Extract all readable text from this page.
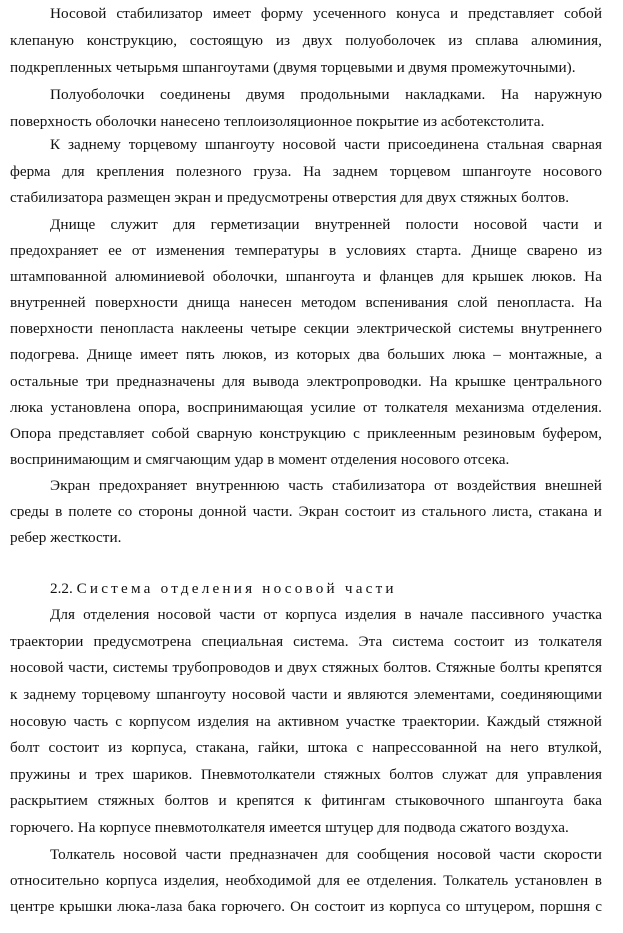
Носовой стабилизатор имеет форму усеченного конуса и представляет собой
клепаную конструкцию, состоящую из двух полуоболочек из сплава алюминия,
подкрепленных четырьмя шпангоутами (двумя торцевыми и двумя промежуточными).
Полуоболочки соединены двумя продольными накладками. На наружную
поверхность оболочки нанесено теплоизоляционное покрытие из асботекстолита.
К заднему торцевому шпангоуту носовой части присоединена стальная сварная
ферма для крепления полезного груза. На заднем торцевом шпангоуте носового
стабилизатора размещен экран и предусмотрены отверстия для двух стяжных болтов.
Днище служит для герметизации внутренней полости носовой части и
предохраняет ее от изменения температуры в условиях старта. Днище сварено из
штампованной алюминиевой оболочки, шпангоута и фланцев для крышек люков. На
внутренней поверхности днища нанесен методом вспенивания слой пенопласта. На
поверхности пенопласта наклеены четыре секции электрической системы внутреннего
подогрева. Днище имеет пять люков, из которых два больших люка – монтажные, а
остальные три предназначены для вывода электропроводки. На крышке центрального
люка установлена опора, воспринимающая усилие от толкателя механизма отделения.
Опора представляет собой сварную конструкцию с приклеенным резиновым буфером,
воспринимающим и смягчающим удар в момент отделения носового отсека.
Экран предохраняет внутреннюю часть стабилизатора от воздействия внешней
среды в полете со стороны донной части. Экран состоит из стального листа, стакана и
ребер жесткости.
2.2. Система отделения носовой части
Для отделения носовой части от корпуса изделия в начале пассивного участка
траектории предусмотрена специальная система. Эта система состоит из толкателя
носовой части, системы трубопроводов и двух стяжных болтов. Стяжные болты крепятся
к заднему торцевому шпангоуту носовой части и являются элементами, соединяющими
носовую часть с корпусом изделия на активном участке траектории. Каждый стяжной
болт состоит из корпуса, стакана, гайки, штока с напрессованной на него втулкой,
пружины и трех шариков. Пневмотолкатели стяжных болтов служат для управления
раскрытием стяжных болтов и крепятся к фитингам стыковочного шпангоута бака
горючего. На корпусе пневмотолкателя имеется штуцер для подвода сжатого воздуха.
Толкатель носовой части предназначен для сообщения носовой части скорости
относительно корпуса изделия, необходимой для ее отделения. Толкатель установлен в
центре крышки люка-лаза бака горючего. Он состоит из корпуса со штуцером, поршня с
